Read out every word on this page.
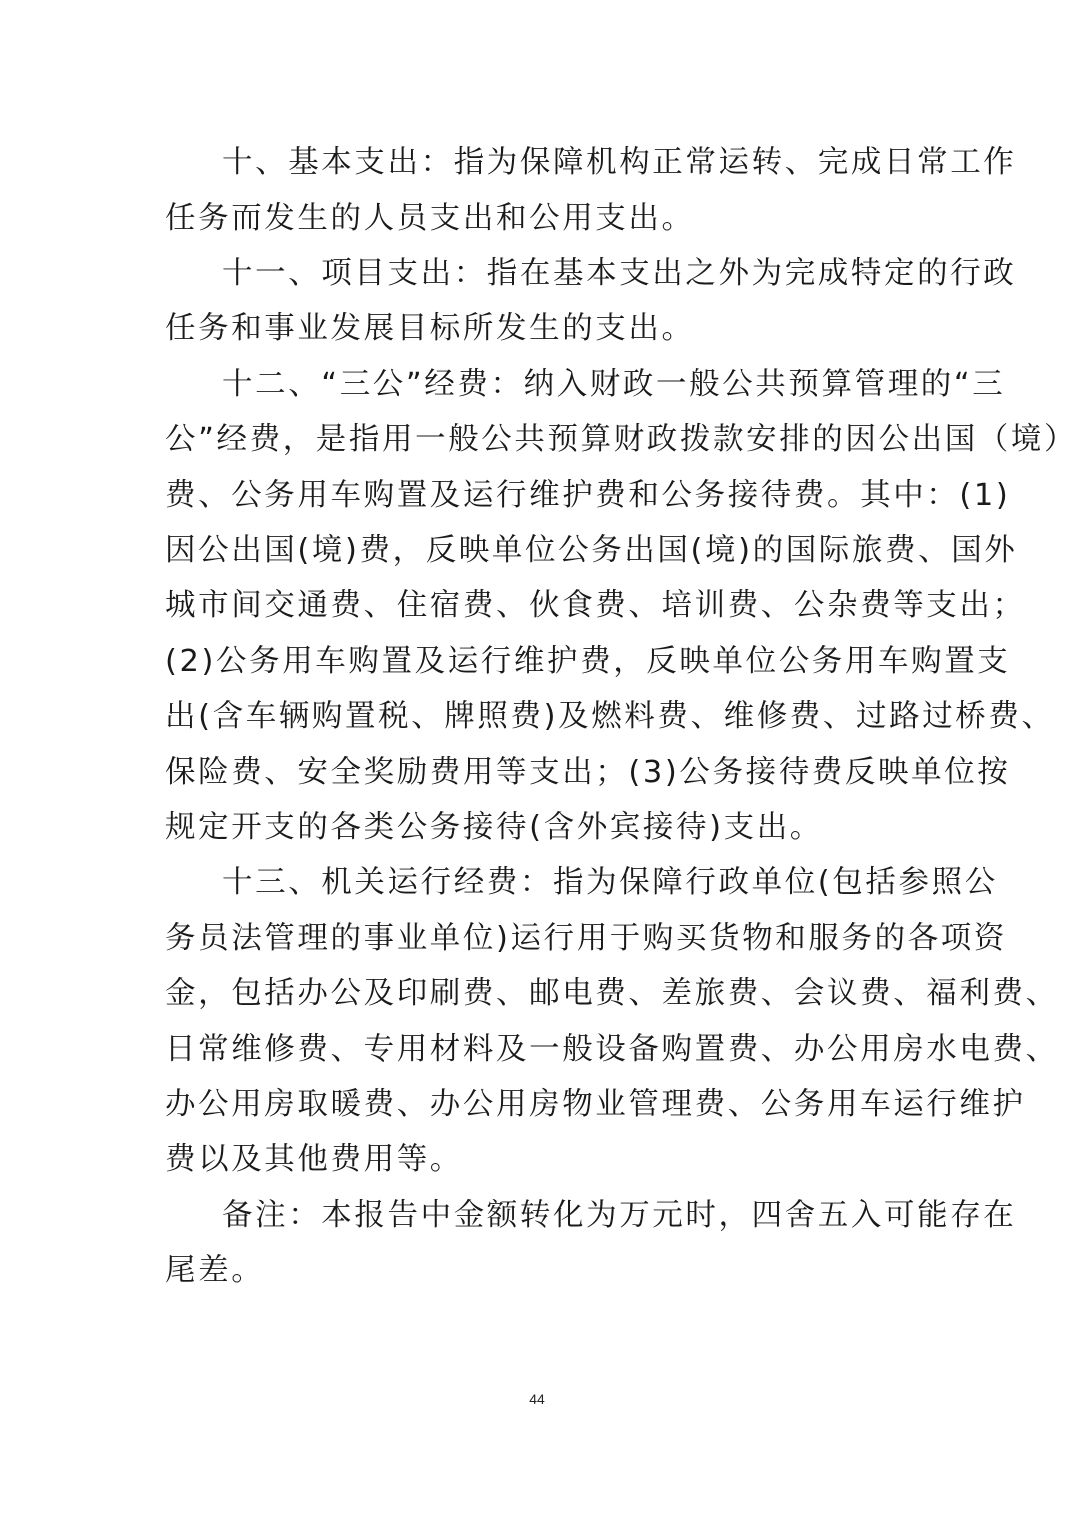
十、基本支出：指为保障机构正常运转、完成日常工作
任务而发生的人员支出和公用支出。
十一、项目支出：指在基本支出之外为完成特定的行政
任务和事业发展目标所发生的支出。
十二、“三公”经费：纳入财政一般公共预算管理的“三
公”经费，是指用一般公共预算财政拨款安排的因公出国（境）
费、公务用车购置及运行维护费和公务接待费。其中：(1)
因公出国(境)费，反映单位公务出国(境)的国际旅费、国外
城市间交通费、住宿费、伙食费、培训费、公杂费等支出；
(2)公务用车购置及运行维护费，反映单位公务用车购置支
出(含车辆购置税、牌照费)及燃料费、维修费、过路过桥费、
保险费、安全奖励费用等支出；(3)公务接待费反映单位按
规定开支的各类公务接待(含外宾接待)支出。
十三、机关运行经费：指为保障行政单位(包括参照公
务员法管理的事业单位)运行用于购买货物和服务的各项资
金，包括办公及印刷费、邮电费、差旅费、会议费、福利费、
日常维修费、专用材料及一般设备购置费、办公用房水电费、
办公用房取暖费、办公用房物业管理费、公务用车运行维护
费以及其他费用等。
备注：本报告中金额转化为万元时，四舍五入可能存在
尾差。
44
